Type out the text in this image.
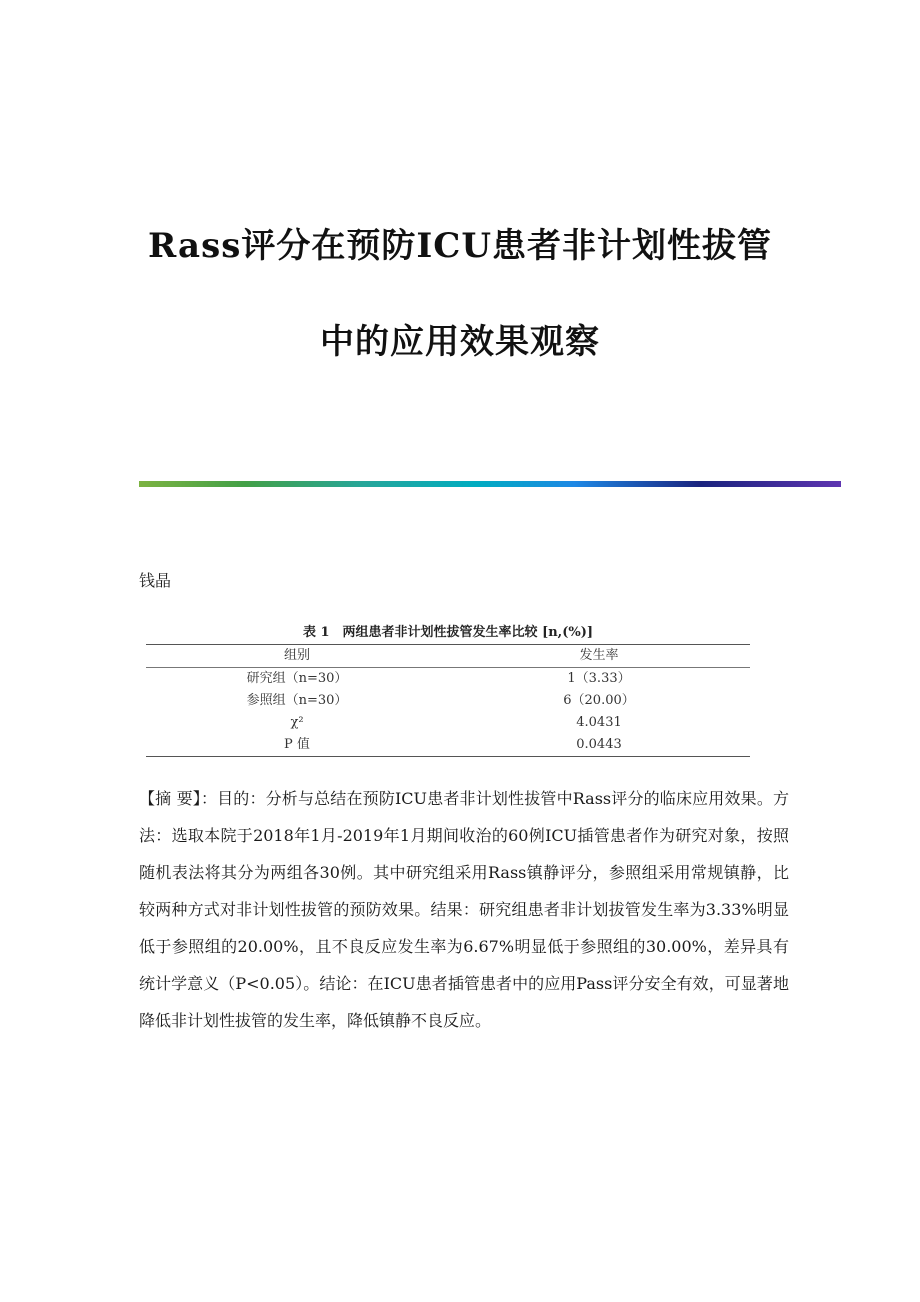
Rass评分在预防ICU患者非计划性拔管
中的应用效果观察
钱晶
表 1　两组患者非计划性拔管发生率比较 [n,(%)]
组别	发生率
研究组（n=30）	1（3.33）
参照组（n=30）	6（20.00）
χ²	4.0431
P 值	0.0443
【摘 要】：目的：分析与总结在预防ICU患者非计划性拔管中Rass评分的临床应用效果。方法：选取本院于2018年1月-2019年1月期间收治的60例ICU插管患者作为研究对象，按照随机表法将其分为两组各30例。其中研究组采用Rass镇静评分，参照组采用常规镇静，比较两种方式对非计划性拔管的预防效果。结果：研究组患者非计划拔管发生率为3.33%明显低于参照组的20.00%，且不良反应发生率为6.67%明显低于参照组的30.00%，差异具有统计学意义（P<0.05）。结论：在ICU患者插管患者中的应用Pass评分安全有效，可显著地降低非计划性拔管的发生率，降低镇静不良反应。
